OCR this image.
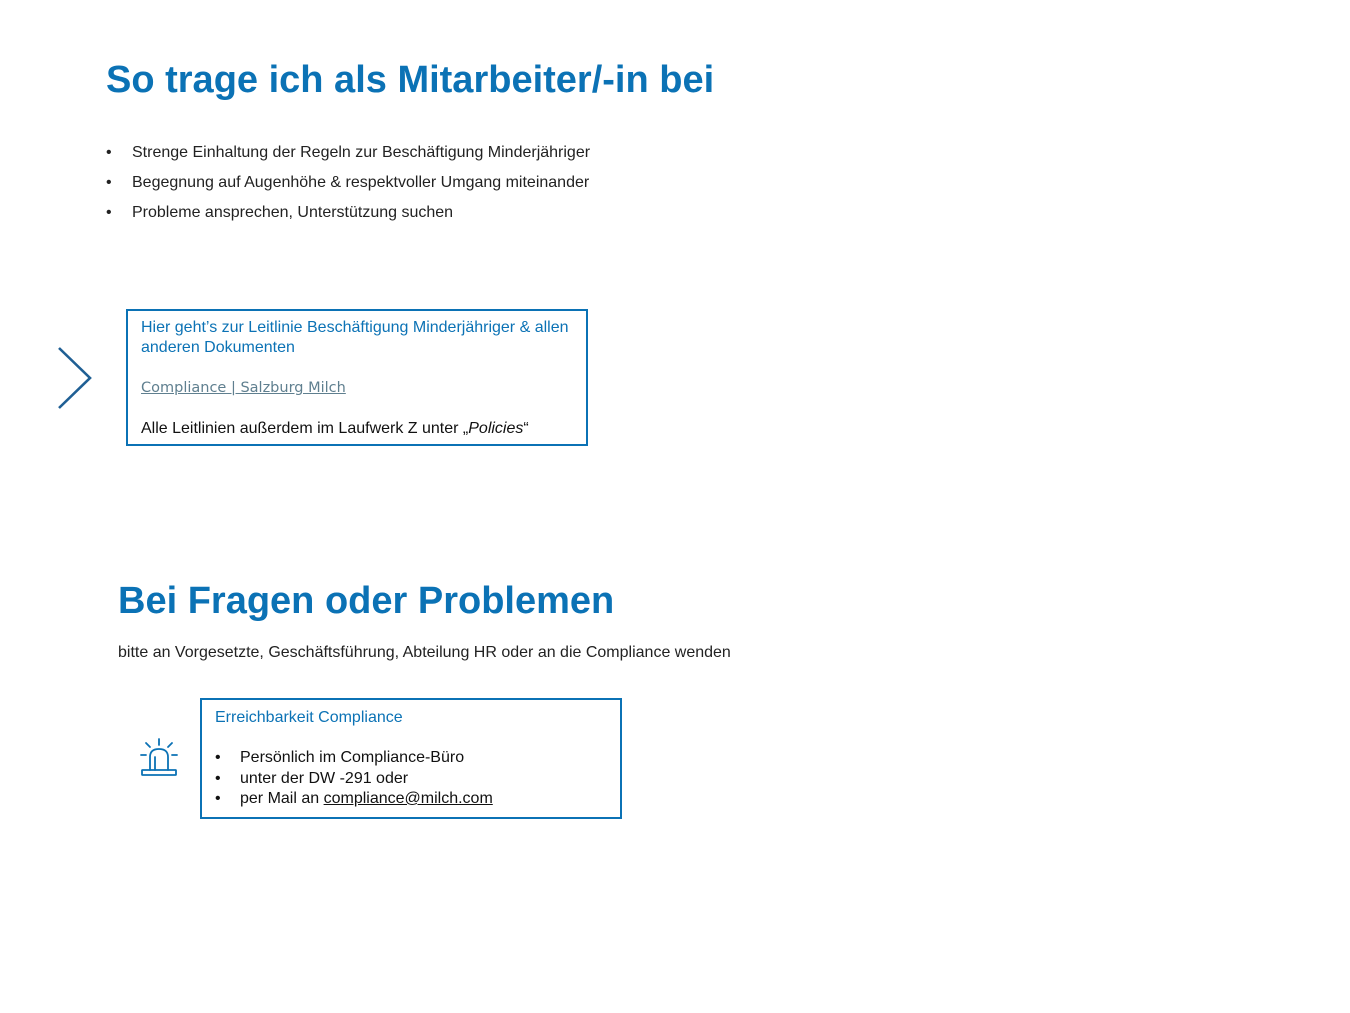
So trage ich als Mitarbeiter/-in bei
• Strenge Einhaltung der Regeln zur Beschäftigung Minderjähriger
• Begegnung auf Augenhöhe & respektvoller Umgang miteinander
• Probleme ansprechen, Unterstützung suchen
Hier geht’s zur Leitlinie Beschäftigung Minderjähriger & allen anderen Dokumenten
Compliance | Salzburg Milch
Alle Leitlinien außerdem im Laufwerk Z unter „Policies“
Bei Fragen oder Problemen

bitte an Vorgesetzte, Geschäftsführung, Abteilung HR oder an die Compliance wenden

Erreichbarkeit Compliance
• Persönlich im Compliance-Büro
• unter der DW -291 oder
• per Mail an compliance@milch.com
